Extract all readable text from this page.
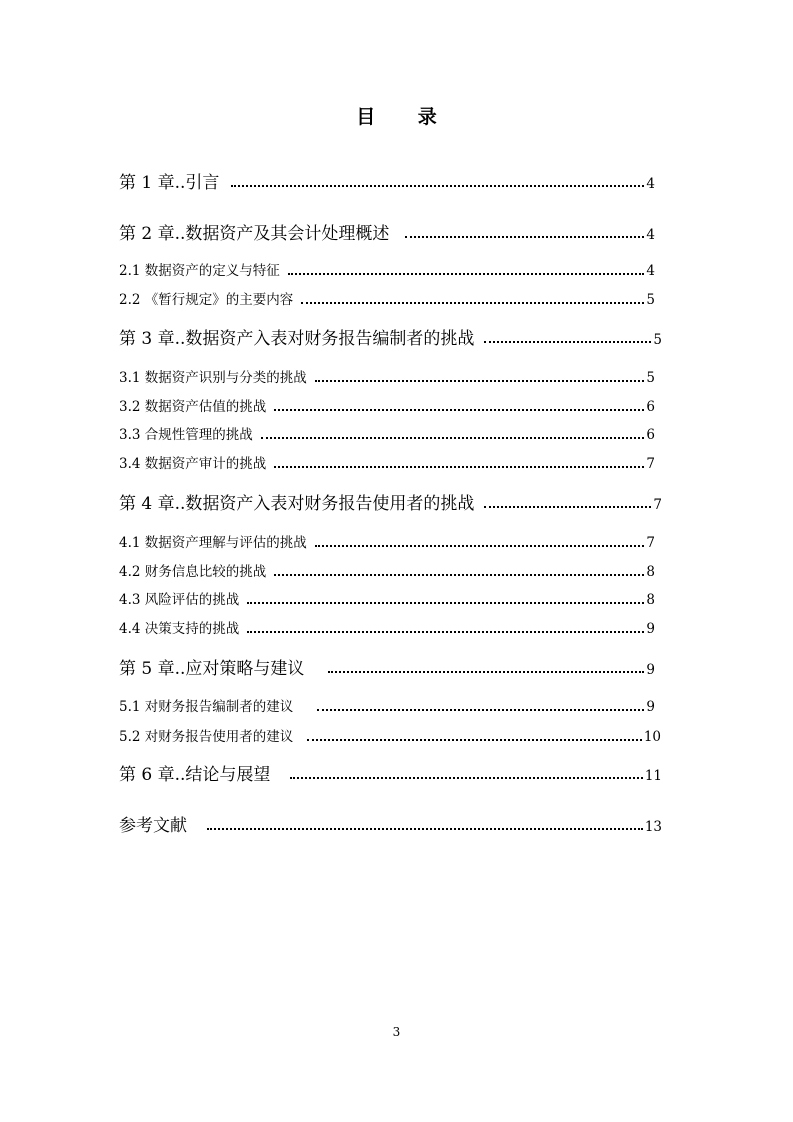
目 录
第 1 章..引言	4
第 2 章..数据资产及其会计处理概述	4
2.1 数据资产的定义与特征	4
2.2 《暂行规定》的主要内容	5
第 3 章..数据资产入表对财务报告编制者的挑战	5
3.1 数据资产识别与分类的挑战	5
3.2 数据资产估值的挑战	6
3.3 合规性管理的挑战	6
3.4 数据资产审计的挑战	7
第 4 章..数据资产入表对财务报告使用者的挑战	7
4.1 数据资产理解与评估的挑战	7
4.2 财务信息比较的挑战	8
4.3 风险评估的挑战	8
4.4 决策支持的挑战	9
第 5 章..应对策略与建议	9
5.1 对财务报告编制者的建议	9
5.2 对财务报告使用者的建议	10
第 6 章..结论与展望	11
参考文献	13
3
